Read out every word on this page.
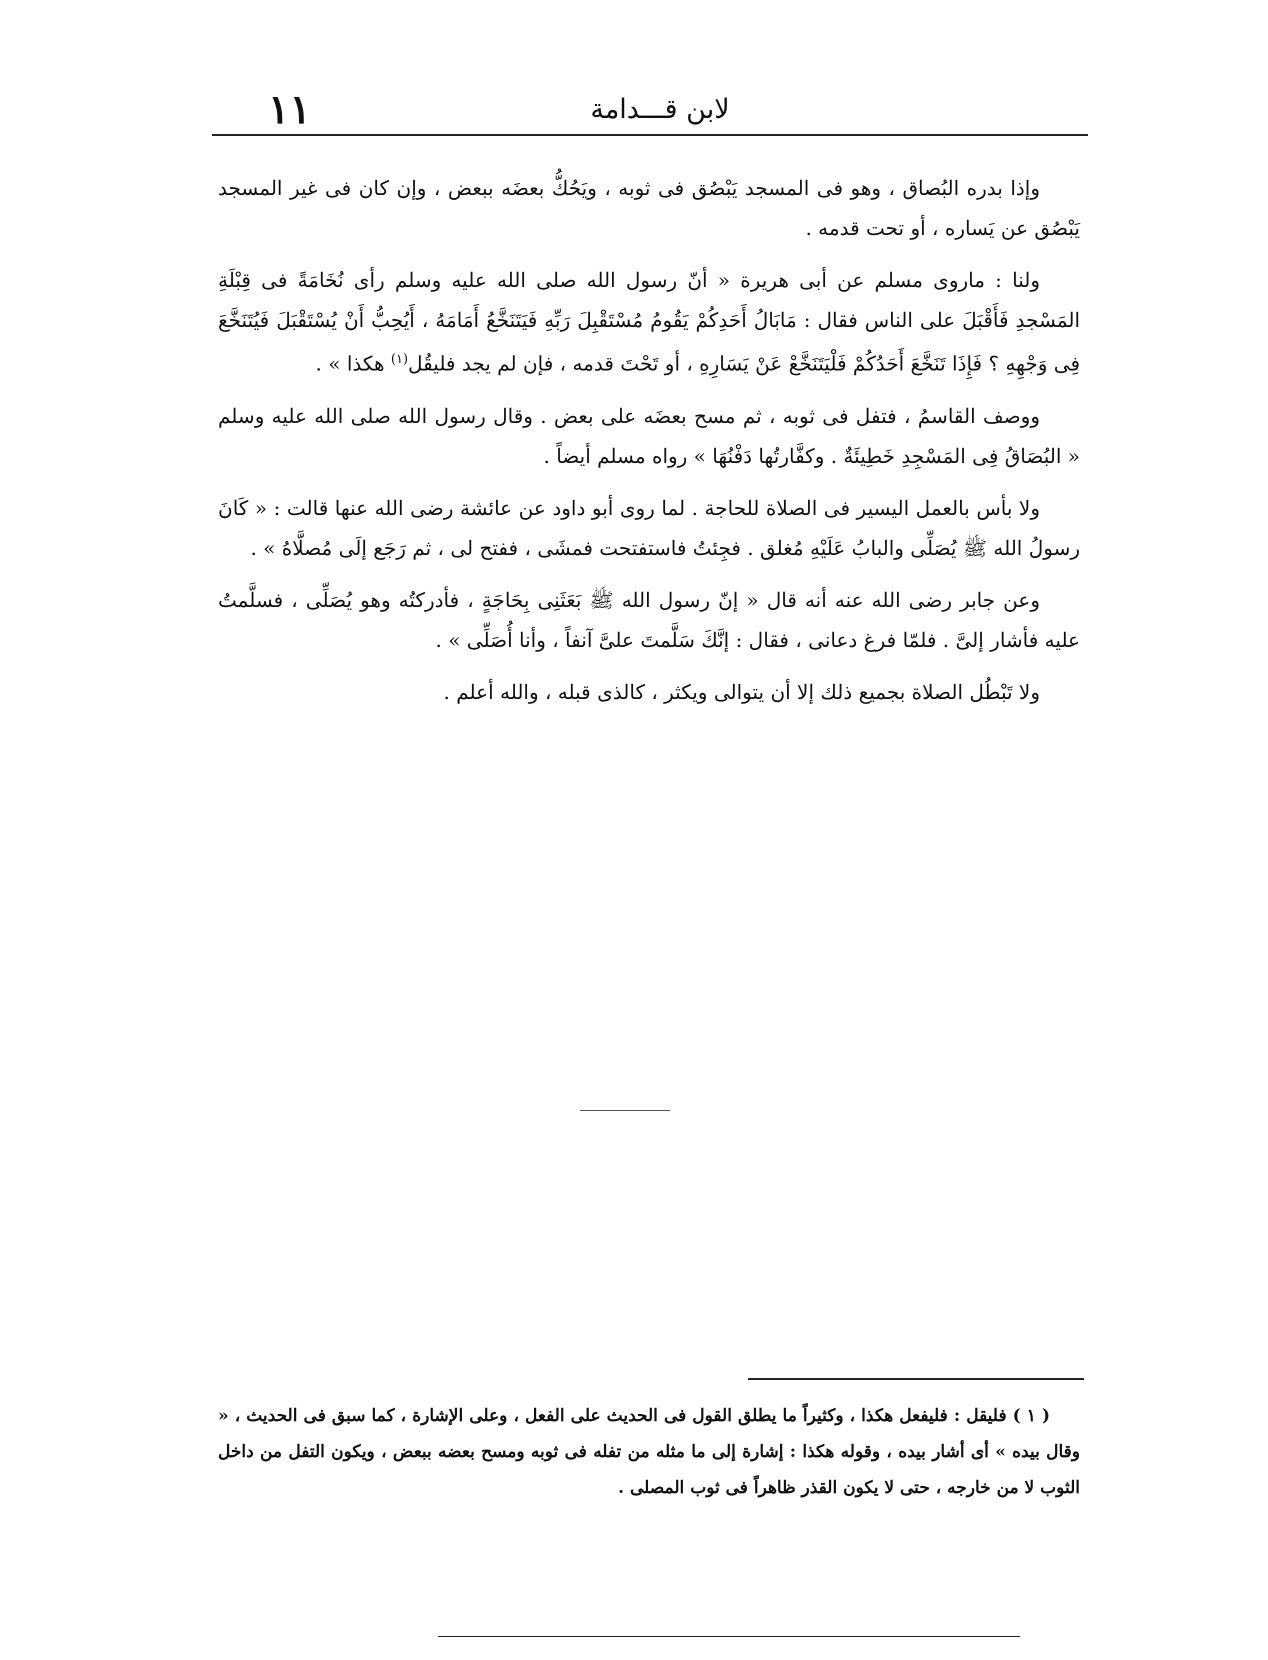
١١	لابن قـــدامة

وإذا بدره البُصاق ، وهو فى المسجد يَبْصُق فى ثوبه ، ويَحُكُّ بعضَه ببعض ، وإن كان فى غير المسجد يَبْصُق عن يَساره ، أو تحت قدمه .

ولنا : ماروى مسلم عن أبى هريرة « أنّ رسول الله صلى الله عليه وسلم رأى نُخَامَةً فى قِبْلَةِ المَسْجدِ فَأَقْبَلَ على الناس فقال : مَابَالُ أَحَدِكُمْ يَقُومُ مُسْتَقْبِلَ رَبِّهِ فَيَتَنَخَّعُ أَمَامَهُ ، أَيُحِبُّ أَنْ يُسْتَقْبَلَ فَيُتَنَخَّعَ فِى وَجْهِهِ ؟ فَإِذَا تَنَخَّعَ أَحَدُكُمْ فَلْيَتَنَخَّعْ عَنْ يَسَارِهِ ، أو تَحْتَ قدمه ، فإن لم يجد فليقُل$^{(١)}$ هكذا » .

ووصف القاسمُ ، فتفل فى ثوبه ، ثم مسح بعضَه على بعض . وقال رسول الله صلى الله عليه وسلم « البُصَاقُ فِى المَسْجِدِ خَطِيئَةٌ . وكفَّارتُها دَفْنُهَا » رواه مسلم أيضاً .

ولا بأس بالعمل اليسير فى الصلاة للحاجة . لما روى أبو داود عن عائشة رضى الله عنها قالت : « كَانَ رسولُ الله ﷺ يُصَلِّى والبابُ عَلَيْهِ مُغلق . فجِئتُ فاستفتحت فمشَى ، ففتح لى ، ثم رَجَع إلَى مُصلَّاهُ » .

وعن جابر رضى الله عنه أنه قال « إنّ رسول الله ﷺ بَعَثَنِى بِحَاجَةٍ ، فأدركتُه وهو يُصَلِّى ، فسلَّمتُ عليه فأشار إلىَّ . فلمّا فرغ دعانى ، فقال : إنَّكَ سَلَّمتَ علىَّ آنفاً ، وأنا أُصَلِّى » .

ولا تَبْطُل الصلاة بجميع ذلك إلا أن يتوالى ويكثر ، كالذى قبله ، والله أعلم .

( ١ ) فليقل : فليفعل هكذا ، وكثيراً ما يطلق القول فى الحديث على الفعل ، وعلى الإشارة ، كما سبق فى الحديث ، « وقال بيده » أى أشار بيده ، وقوله هكذا : إشارة إلى ما مثله من تفله فى ثوبه ومسح بعضه ببعض ، ويكون التفل من داخل الثوب لا من خارجه ، حتى لا يكون القذر ظاهراً فى ثوب المصلى .
